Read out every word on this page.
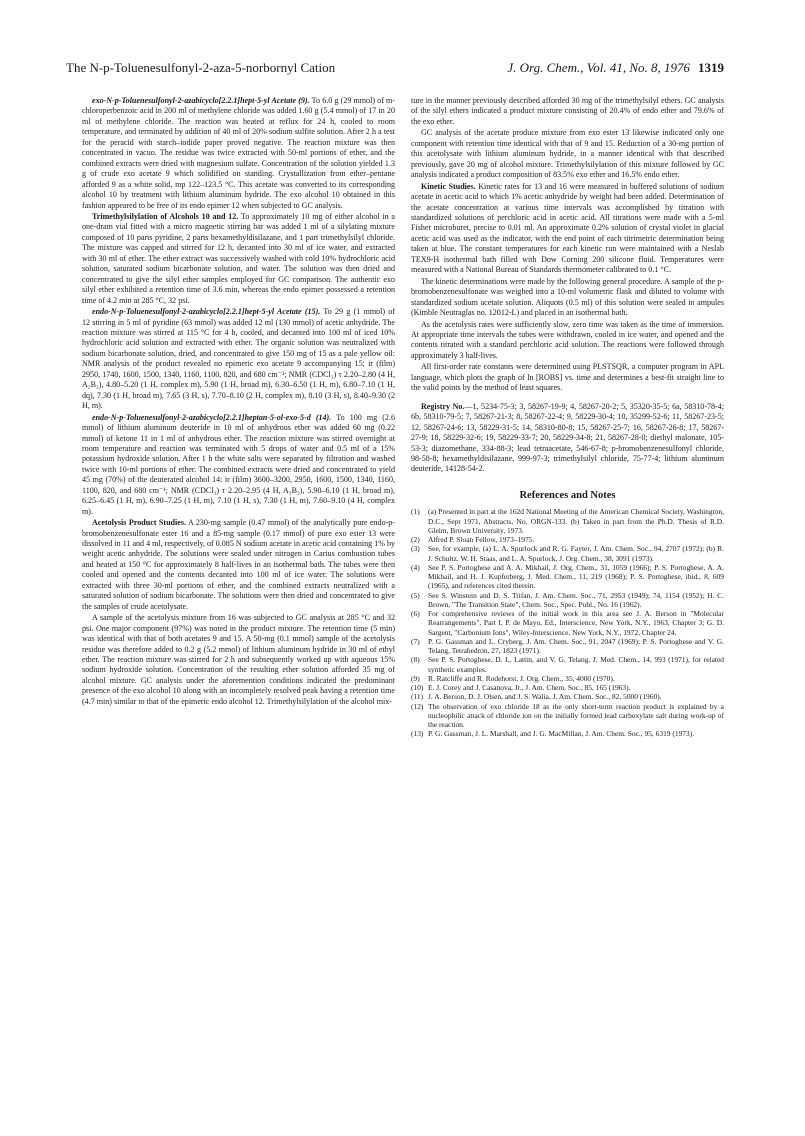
The N-p-Toluenesulfonyl-2-aza-5-norbornyl Cation	J. Org. Chem., Vol. 41, No. 8, 1976 1319

exo-N-p-Toluenesulfonyl-2-azabicyclo[2.2.1]hept-5-yl Acetate (9). To 6.0 g (29 mmol) of m-chloroperbenzoic acid in 200 ml of methylene chloride was added 1.60 g (5.4 mmol) of 17 in 20 ml of methylene chloride. The reaction was heated at reflux for 24 h, cooled to room temperature, and terminated by addition of 40 ml of 20% sodium sulfite solution. After 2 h a test for the peracid with starch–iodide paper proved negative. The reaction mixture was then concentrated in vacuo. The residue was twice extracted with 50-ml portions of ether, and the combined extracts were dried with magnesium sulfate. Concentration of the solution yielded 1.3 g of crude exo acetate 9 which solidified on standing. Crystallization from ether–pentane afforded 9 as a white solid, mp 122–123.5 °C. This acetate was converted to its corresponding alcohol 10 by treatment with lithium aluminum hydride. The exo alcohol 10 obtained in this fashion appeared to be free of its endo epimer 12 when subjected to GC analysis.

Trimethylsilylation of Alcohols 10 and 12. To approximately 10 mg of either alcohol in a one-dram vial fitted with a micro magnetic stirring bar was added 1 ml of a silylating mixture composed of 10 parts pyridine, 2 parts hexamethyldisilazane, and 1 part trimethylsilyl chloride. The mixture was capped and stirred for 12 h, decanted into 30 ml of ice water, and extracted with 30 ml of ether. The ether extract was successively washed with cold 10% hydrochloric acid solution, saturated sodium bicarbonate solution, and water. The solution was then dried and concentrated to give the silyl ether samples employed for GC comparison. The authentic exo silyl ether exhibited a retention time of 3.6 min, whereas the endo epimer possessed a retention time of 4.2 min at 285 °C, 32 psi.

endo-N-p-Toluenesulfonyl-2-azabicyclo[2.2.1]hept-5-yl Acetate (15). To 29 g (1 mmol) of 12 stirring in 5 ml of pyridine (63 mmol) was added 12 ml (130 mmol) of acetic anhydride. The reaction mixture was stirred at 115 °C for 4 h, cooled, and decanted into 100 ml of iced 10% hydrochloric acid solution and extracted with ether. The organic solution was neutralized with sodium bicarbonate solution, dried, and concentrated to give 150 mg of 15 as a pale yellow oil: NMR analysis of the product revealed no epimeric exo acetate 9 accompanying 15; ir (film) 2950, 1740, 1600, 1500, 1340, 1160, 1100, 820, and 680 cm⁻¹; NMR (CDCl₃) τ 2.20–2.80 (4 H, A₂B₂), 4.80–5.20 (1 H, complex m), 5.90 (1 H, broad m), 6.30–6.50 (1 H, m), 6.80–7.10 (1 H, dq), 7.30 (1 H, broad m), 7.65 (3 H, s), 7.70–8.10 (2 H, complex m), 8.10 (3 H, s), 8.40–9.30 (2 H, m).

endo-N-p-Toluenesulfonyl-2-azabicyclo[2.2.1]heptan-5-ol-exo-5-d (14). To 100 mg (2.6 mmol) of lithium aluminum deuteride in 10 ml of anhydrous ether was added 60 mg (0.22 mmol) of ketone 11 in 1 ml of anhydrous ether. The reaction mixture was stirred overnight at room temperature and reaction was terminated with 5 drops of water and 0.5 ml of a 15% potassium hydroxide solution. After 1 h the white salts were separated by filtration and washed twice with 10-ml portions of ether. The combined extracts were dried and concentrated to yield 45 mg (70%) of the deuterated alcohol 14: ir (film) 3600–3200, 2950, 1600, 1500, 1340, 1160, 1100, 820, and 680 cm⁻¹; NMR (CDCl₃) τ 2.20–2.95 (4 H, A₂B₂), 5.90–6.10 (1 H, broad m), 6.25–6.45 (1 H, m), 6.90–7.25 (1 H, m), 7.10 (1 H, s), 7.30 (1 H, m), 7.60–9.10 (4 H, complex m).

Acetolysis Product Studies. A 230-mg sample (0.47 mmol) of the analytically pure endo-p-bromobenzenesulfonate ester 16 and a 85-mg sample (0.17 mmol) of pure exo ester 13 were dissolved in 11 and 4 ml, respectively, of 0.085 N sodium acetate in acetic acid containing 1% by weight acetic anhydride. The solutions were sealed under nitrogen in Carius combustion tubes and heated at 150 °C for approximately 8 half-lives in an isothermal bath. The tubes were then cooled and opened and the contents decanted into 100 ml of ice water. The solutions were extracted with three 30-ml portions of ether, and the combined extracts neutralized with a saturated solution of sodium bicarbonate. The solutions were then dried and concentrated to give the samples of crude acetolysate.

A sample of the acetolysis mixture from 16 was subjected to GC analysis at 285 °C and 32 psi. One major component (97%) was noted in the product mixture. The retention time (5 min) was identical with that of both acetates 9 and 15. A 50-mg (0.1 mmol) sample of the acetolysis residue was therefore added to 0.2 g (5.2 mmol) of lithium aluminum hydride in 30 ml of ethyl ether. The reaction mixture was stirred for 2 h and subsequently worked up with aqueous 15% sodium hydroxide solution. Concentration of the resulting ether solution afforded 35 mg of alcohol mixture. GC analysis under the aforemention conditions indicated the predominant presence of the exo alcohol 10 along with an incompletely resolved peak having a retention time (4.7 min) similar to that of the epimeric endo alcohol 12. Trimethylsilylation of the alcohol mix-

ture in the manner previously described afforded 30 mg of the trimethylsilyl ethers. GC analysis of the silyl ethers indicated a product mixture consisting of 20.4% of endo ether and 79.6% of the exo ether.

GC analysis of the acetate produce mixture from exo ester 13 likewise indicated only one component with retention time identical with that of 9 and 15. Reduction of a 30-mg portion of this acetolysate with lithium aluminum hydride, in a manner identical with that described previously, gave 20 mg of alcohol mixture. Trimethylsilylation of this mixture followed by GC analysis indicated a product composition of 83.5% exo ether and 16.5% endo ether.

Kinetic Studies. Kinetic rates for 13 and 16 were measured in buffered solutions of sodium acetate in acetic acid to which 1% acetic anhydride by weight had been added. Determination of the acetate concentration at various time intervals was accomplished by titration with standardized solutions of perchloric acid in acetic acid. All titrations were made with a 5-ml Fisher microburet, precise to 0.01 ml. An approximate 0.2% solution of crystal violet in glacial acetic acid was used as the indicator, with the end point of each titrimetric determination being taken at blue. The constant temperatures for each kinetic run were maintained with a Neslab TEX9-H isothermal bath filled with Dow Corning 200 silicone fluid. Temperatures were measured with a National Bureau of Standards thermometer calibrated to 0.1 °C.

The kinetic determinations were made by the following general procedure. A sample of the p-bromobenzenesulfonate was weighed into a 10-ml volumetric flask and diluted to volume with standardized sodium acetate solution. Aliquots (0.5 ml) of this solution were sealed in ampules (Kimble Neutraglas no. 12012-L) and placed in an isothermal bath.

As the acetolysis rates were sufficiently slow, zero time was taken as the time of immersion. At appropriate time intervals the tubes were withdrawn, cooled in ice water, and opened and the contents titrated with a standard perchloric acid solution. The reactions were followed through approximately 3 half-lives.

All first-order rate constants were determined using PLSTSQR, a computer program in APL language, which plots the graph of ln [ROBS] vs. time and determines a best-fit straight line to the valid points by the method of least squares.

Registry No.—1, 5234-75-3; 3, 58267-19-9; 4, 58267-20-2; 5, 35320-35-5; 6a, 58310-78-4; 6b, 58310-79-5; 7, 58267-21-3; 8, 58267-22-4; 9, 58229-30-4; 10, 35299-52-6; 11, 58267-23-5; 12, 58267-24-6; 13, 58229-31-5; 14, 58310-80-8; 15, 58267-25-7; 16, 58267-26-8; 17, 58267-27-9; 18, 58229-32-6; 19, 58229-33-7; 20, 58229-34-8; 21, 58267-28-0; diethyl malonate, 105-53-3; diazomethane, 334-88-3; lead tetraacetate, 546-67-8; p-bromobenzenesulfonyl chloride, 98-58-8; hexamethyldisilazane, 999-97-3; trimethylsilyl chloride, 75-77-4; lithium aluminum deuteride, 14128-54-2.

References and Notes
(1)	(a) Presented in part at the 162d National Meeting of the American Chemical Society, Washington, D.C., Sept 1971, Abstracts, No. ORGN-133. (b) Taken in part from the Ph.D. Thesis of R.D. Gleim, Brown University, 1973.
(2)	Alfred P. Sloan Fellow, 1973–1975.
(3)	See, for example, (a) L. A. Spurlock and R. G. Fayter, J. Am. Chem. Soc., 94, 2707 (1972); (b) R. J. Schultz, W. H. Staas, and L. A. Spurlock, J. Org. Chem., 38, 3091 (1973).
(4)	See P. S. Portoghese and A. A. Mikhail, J. Org. Chem., 31, 1059 (1966); P. S. Portoghese, A. A. Mikhail, and H. J. Kupferberg, J. Med. Chem., 11, 219 (1968); P. S. Portoghese, ibid., 8, 609 (1965), and references cited therein.
(5)	See S. Winstein and D. S. Trifan, J. Am. Chem. Soc., 71, 2953 (1949); 74, 1154 (1952); H. C. Brown, "The Transition State", Chem. Soc., Spec. Publ., No. 16 (1962).
(6)	For comprehensive reviews of the initial work in this area see J. A. Berson in "Molecular Rearrangements", Part I, P. de Mayo, Ed., Interscience, New York, N.Y., 1963, Chapter 3; G. D. Sargent, "Carbonium Ions", Wiley-Interscience, New York, N.Y., 1972, Chapter 24.
(7)	P. G. Gassman and L. Cryberg, J. Am. Chem. Soc., 91, 2047 (1969); P. S. Portoghese and V. G. Telang, Tetrahedron, 27, 1823 (1971).
(8)	See P. S. Portoghese, D. L. Lattin, and V. G. Telang, J. Med. Chem., 14, 993 (1971), for related synthetic examples.
(9)	R. Ratcliffe and R. Rodehorst, J. Org. Chem., 35, 4000 (1970).
(10) E. J. Corey and J. Casanova, Jr., J. Am. Chem. Soc., 85, 165 (1963).
(11) J. A. Berson, D. J. Olsen, and J. S. Walia, J. Am. Chem. Soc., 82, 5000 (1960).
(12) The observation of exo chloride 18 as the only short-term reaction product is explained by a nucleophilic attack of chloride ion on the initially formed lead carboxylate salt during work-up of the reaction.
(13) P. G. Gassman, J. L. Marshall, and J. G. MacMillan, J. Am. Chem. Soc., 95, 6319 (1973).
